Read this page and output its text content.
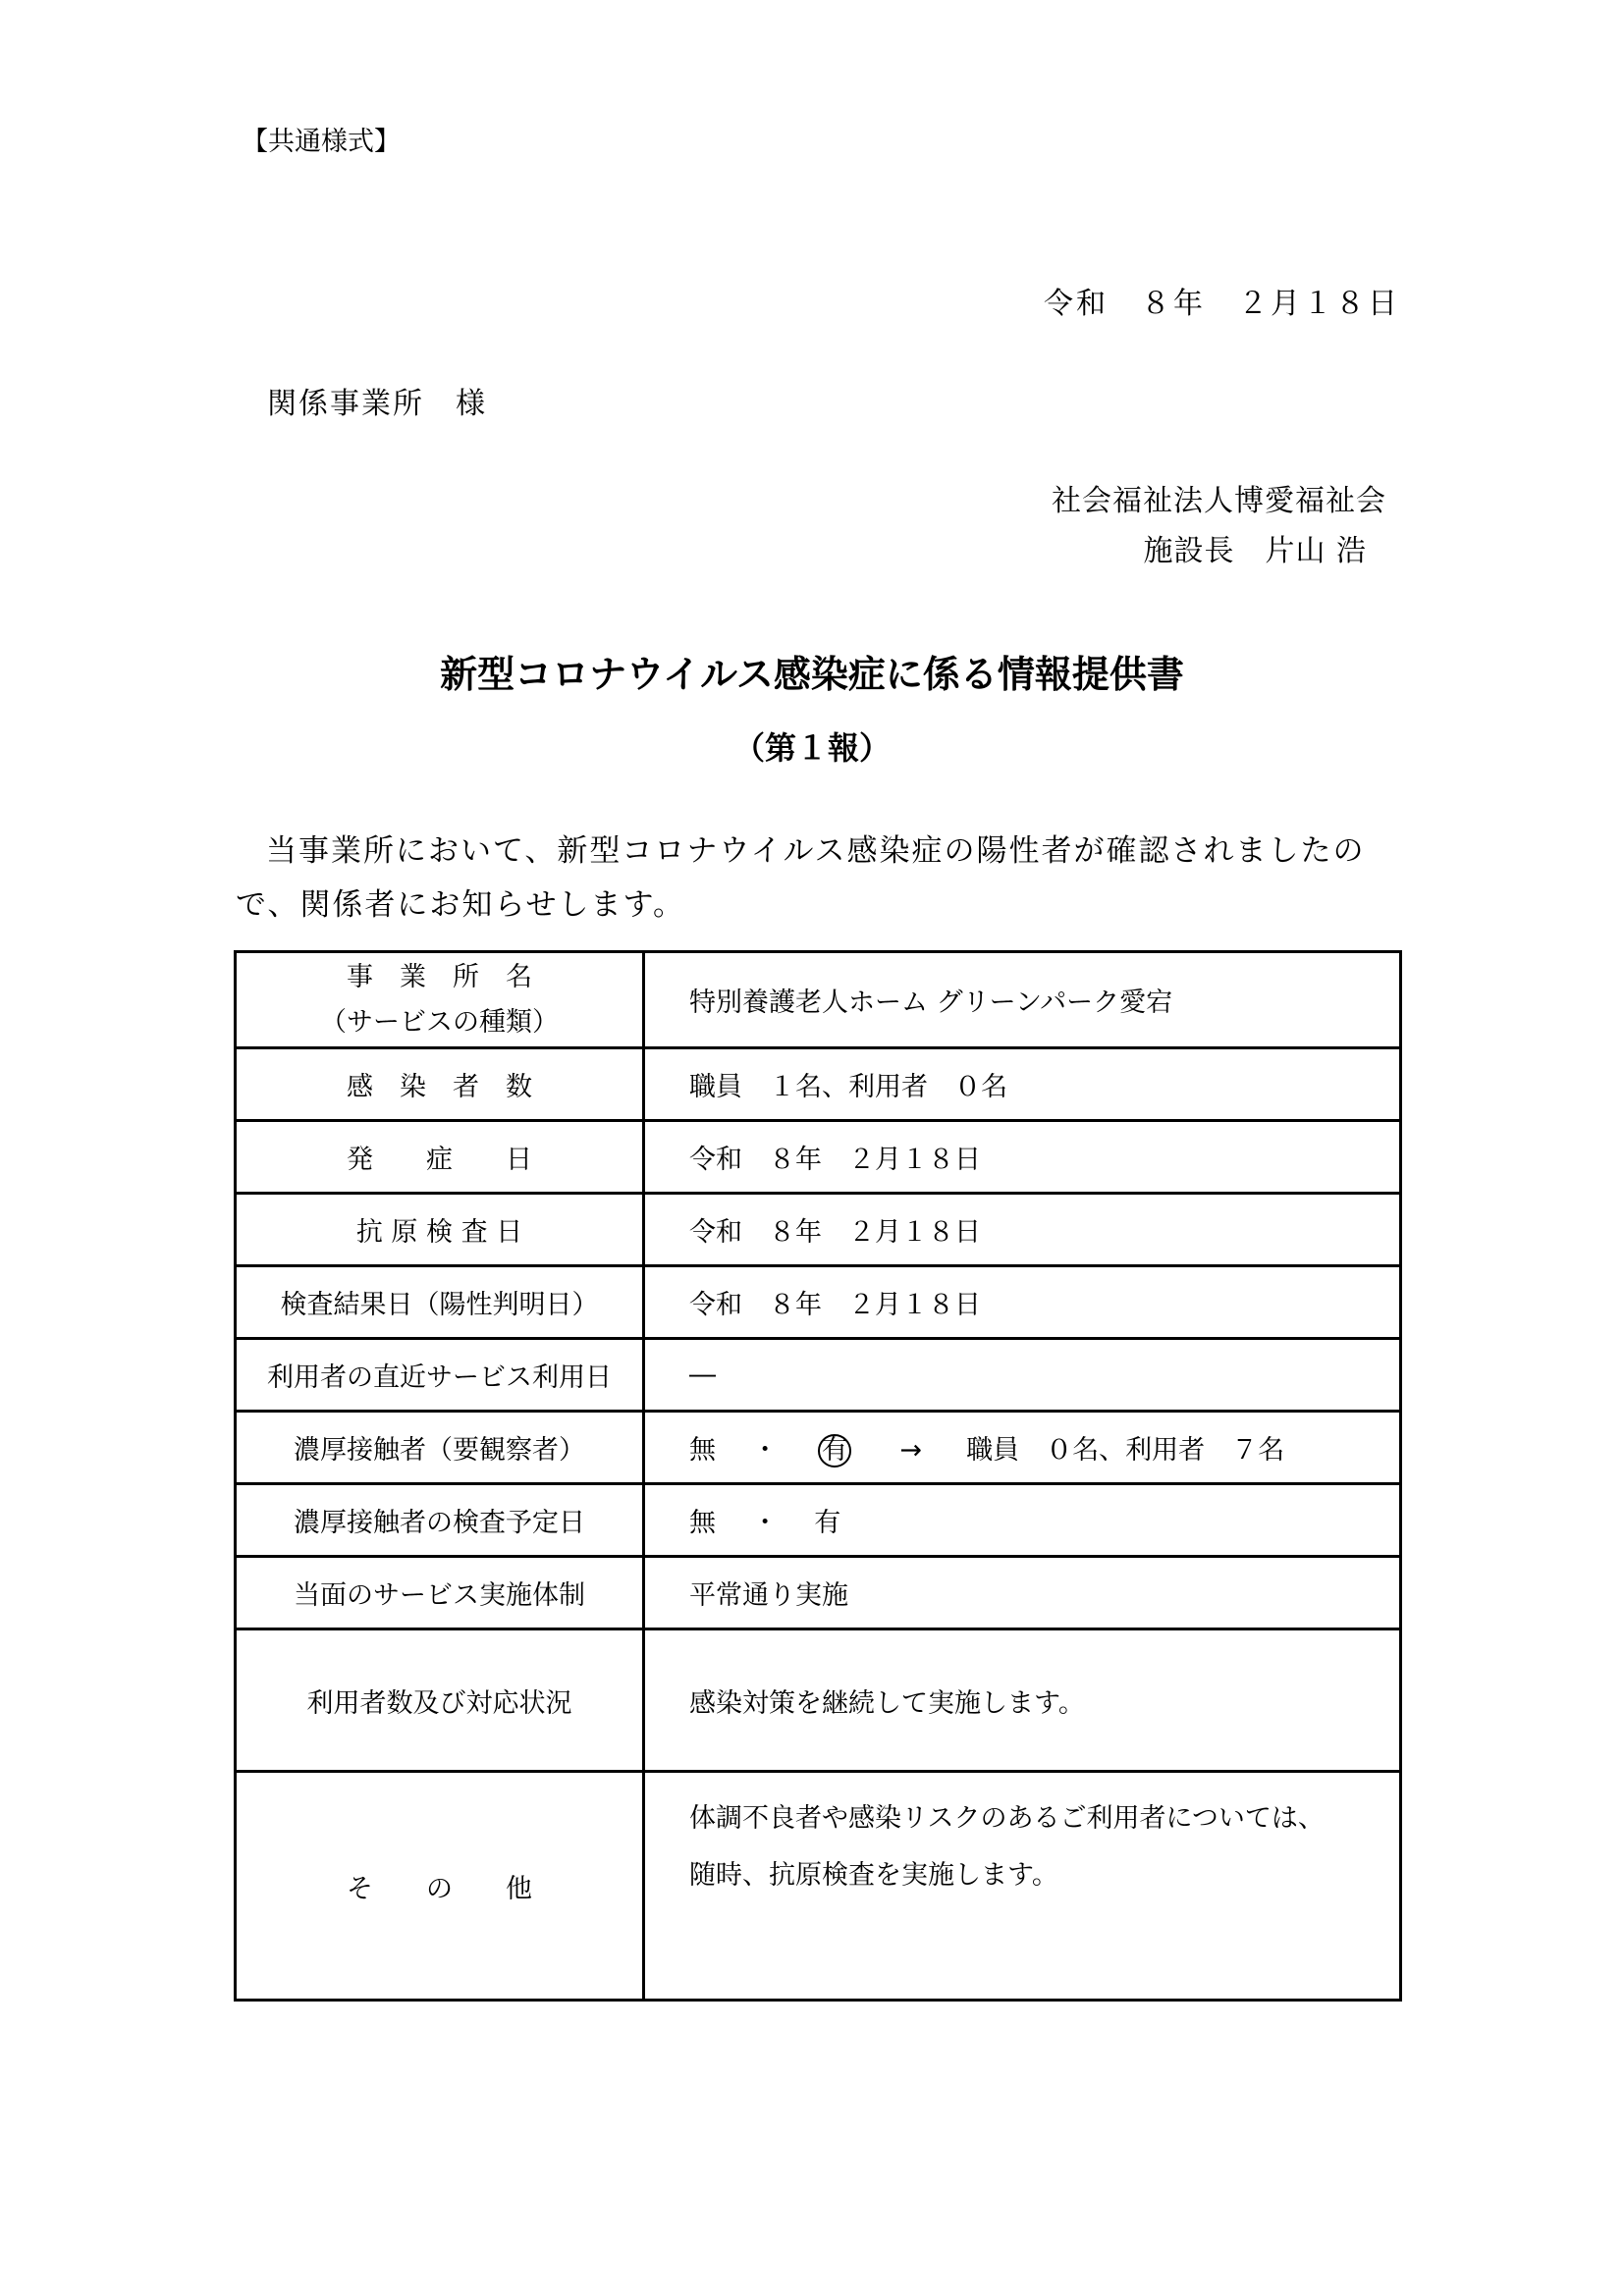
【共通様式】
令和　８年　２月１８日
関係事業所　様
社会福祉法人博愛福祉会
施設長　片山 浩
新型コロナウイルス感染症に係る情報提供書
（第１報）
当事業所において、新型コロナウイルス感染症の陽性者が確認されましたので、関係者にお知らせします。
事　業　所　名
（サービスの種類）	特別養護老人ホーム グリーンパーク愛宕
感　染　者　数	職員　１名、利用者　０名
発　　症　　日	令和　８年　２月１８日
抗 原 検 査 日	令和　８年　２月１８日
検査結果日（陽性判明日）	令和　８年　２月１８日
利用者の直近サービス利用日	―
濃厚接触者（要観察者）	無 ・ 有 → 職員　０名、利用者　７名
濃厚接触者の検査予定日	無 ・ 有
当面のサービス実施体制	平常通り実施
利用者数及び対応状況	感染対策を継続して実施します。
そ　　の　　他	体調不良者や感染リスクのあるご利用者については、
随時、抗原検査を実施します。
